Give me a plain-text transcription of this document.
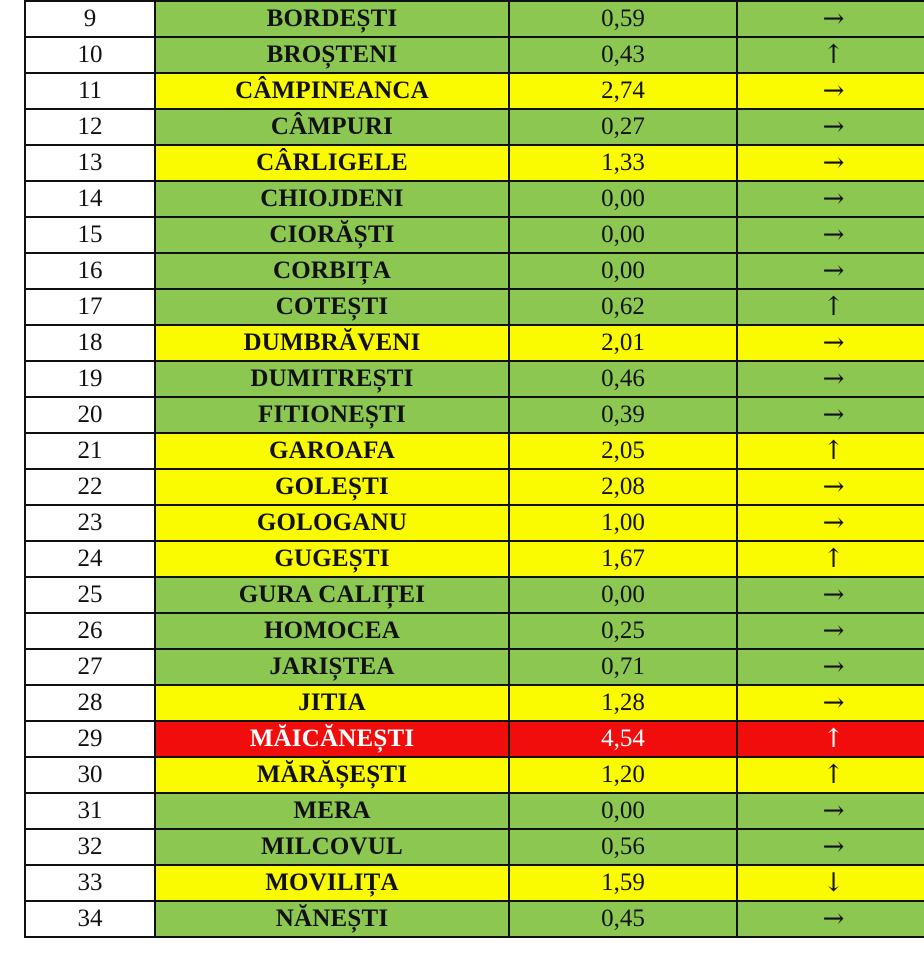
9	BORDEȘTI	0,59	→
10	BROȘTENI	0,43	↑
11	CÂMPINEANCA	2,74	→
12	CÂMPURI	0,27	→
13	CÂRLIGELE	1,33	→
14	CHIOJDENI	0,00	→
15	CIORĂȘTI	0,00	→
16	CORBIȚA	0,00	→
17	COTEȘTI	0,62	↑
18	DUMBRĂVENI	2,01	→
19	DUMITREȘTI	0,46	→
20	FITIONEȘTI	0,39	→
21	GAROAFA	2,05	↑
22	GOLEȘTI	2,08	→
23	GOLOGANU	1,00	→
24	GUGEȘTI	1,67	↑
25	GURA CALIȚEI	0,00	→
26	HOMOCEA	0,25	→
27	JARIȘTEA	0,71	→
28	JITIA	1,28	→
29	MĂICĂNEȘTI	4,54	↑
30	MĂRĂȘEȘTI	1,20	↑
31	MERA	0,00	→
32	MILCOVUL	0,56	→
33	MOVILIȚA	1,59	↓
34	NĂNEȘTI	0,45	→
